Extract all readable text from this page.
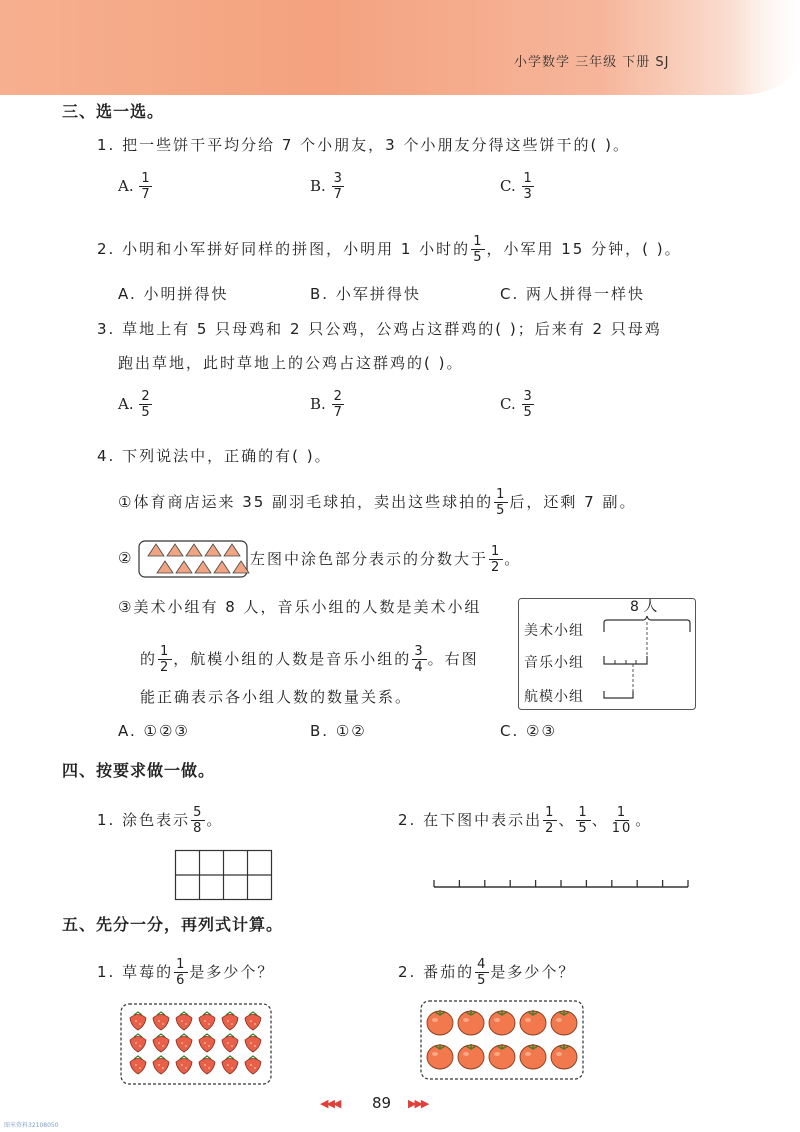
小学数学 三年级 下册 SJ
三、选一选。
1. 把一些饼干平均分给 7 个小朋友，3 个小朋友分得这些饼干的( )。
A. $\frac{1}{7}$	B. $\frac{3}{7}$	C. $\frac{1}{3}$
2. 小明和小军拼好同样的拼图，小明用 1 小时的 $\frac{1}{5}$ ，小军用 15 分钟，( )。
A. 小明拼得快	B. 小军拼得快	C. 两人拼得一样快
3. 草地上有 5 只母鸡和 2 只公鸡，公鸡占这群鸡的( )；后来有 2 只母鸡
跑出草地，此时草地上的公鸡占这群鸡的( )。
A. $\frac{2}{5}$	B. $\frac{2}{7}$	C. $\frac{3}{5}$
4. 下列说法中，正确的有( )。
①体育商店运来 35 副羽毛球拍，卖出这些球拍的 $\frac{1}{5}$ 后，还剩 7 副。
②	左图中涂色部分表示的分数大于 $\frac{1}{2}$ 。
③美术小组有 8 人，音乐小组的人数是美术小组
的 $\frac{1}{2}$ ，航模小组的人数是音乐小组的 $\frac{3}{4}$ 。右图
能正确表示各小组人数的数量关系。
8 人
美术小组
音乐小组
航模小组
A. ①②③	B. ①②	C. ②③
四、按要求做一做。
1. 涂色表示 $\frac{5}{8}$ 。	2. 在下图中表示出 $\frac{1}{2}$ 、 $\frac{1}{5}$ 、 $\frac{1}{10}$ 。
五、先分一分，再列式计算。
1. 草莓的 $\frac{1}{6}$ 是多少个？	2. 番茄的 $\frac{4}{5}$ 是多少个？
◀◀◀ 89 ▶▶▶
图米资料32108050
